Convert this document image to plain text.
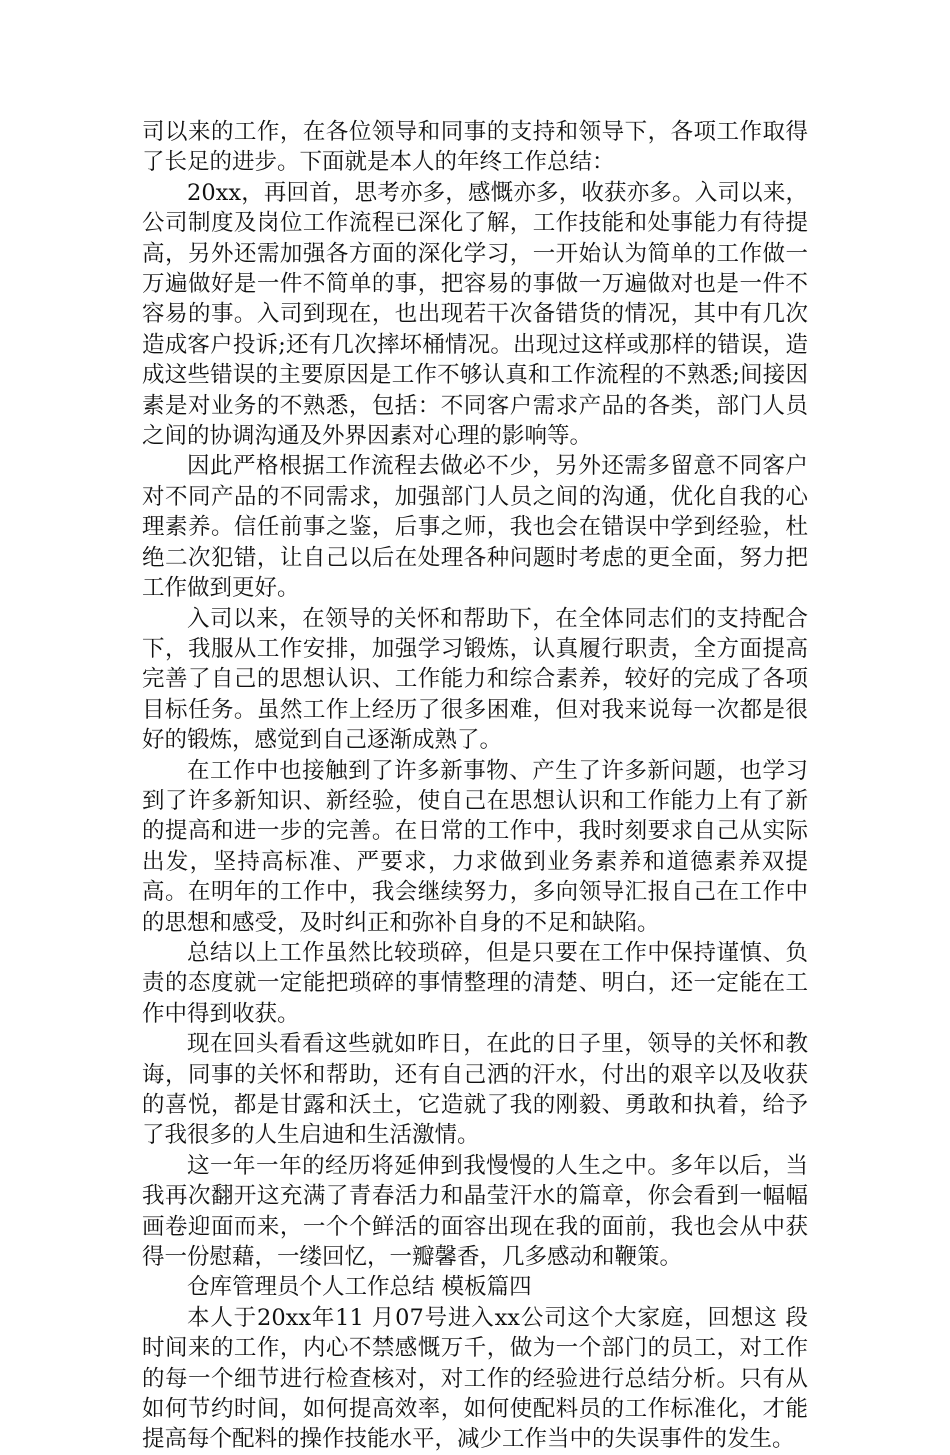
司以来的工作，在各位领导和同事的支持和领导下，各项工作取得了长足的进步。下面就是本人的年终工作总结：

20xx，再回首，思考亦多，感慨亦多，收获亦多。入司以来，公司制度及岗位工作流程已深化了解，工作技能和处事能力有待提高，另外还需加强各方面的深化学习，一开始认为简单的工作做一万遍做好是一件不简单的事，把容易的事做一万遍做对也是一件不容易的事。入司到现在，也出现若干次备错货的情况，其中有几次造成客户投诉;还有几次摔坏桶情况。出现过这样或那样的错误，造成这些错误的主要原因是工作不够认真和工作流程的不熟悉;间接因素是对业务的不熟悉，包括：不同客户需求产品的各类，部门人员之间的协调沟通及外界因素对心理的影响等。

因此严格根据工作流程去做必不少，另外还需多留意不同客户对不同产品的不同需求，加强部门人员之间的沟通，优化自我的心理素养。信任前事之鉴，后事之师，我也会在错误中学到经验，杜绝二次犯错，让自己以后在处理各种问题时考虑的更全面，努力把工作做到更好。

入司以来，在领导的关怀和帮助下，在全体同志们的支持配合下，我服从工作安排，加强学习锻炼，认真履行职责，全方面提高完善了自己的思想认识、工作能力和综合素养，较好的完成了各项目标任务。虽然工作上经历了很多困难，但对我来说每一次都是很好的锻炼，感觉到自己逐渐成熟了。

在工作中也接触到了许多新事物、产生了许多新问题，也学习到了许多新知识、新经验，使自己在思想认识和工作能力上有了新的提高和进一步的完善。在日常的工作中，我时刻要求自己从实际出发，坚持高标准、严要求，力求做到业务素养和道德素养双提高。在明年的工作中，我会继续努力，多向领导汇报自己在工作中的思想和感受，及时纠正和弥补自身的不足和缺陷。

总结以上工作虽然比较琐碎，但是只要在工作中保持谨慎、负责的态度就一定能把琐碎的事情整理的清楚、明白，还一定能在工作中得到收获。

现在回头看看这些就如昨日，在此的日子里，领导的关怀和教诲，同事的关怀和帮助，还有自己洒的汗水，付出的艰辛以及收获的喜悦，都是甘露和沃土，它造就了我的刚毅、勇敢和执着，给予了我很多的人生启迪和生活激情。

这一年一年的经历将延伸到我慢慢的人生之中。多年以后，当我再次翻开这充满了青春活力和晶莹汗水的篇章，你会看到一幅幅画卷迎面而来，一个个鲜活的面容出现在我的面前，我也会从中获得一份慰藉，一缕回忆，一瓣馨香，几多感动和鞭策。

仓库管理员个人工作总结 模板篇四

本人于20xx年11 月07号进入xx公司这个大家庭，回想这 段时间来的工作，内心不禁感慨万千，做为一个部门的员工，对工作的每一个细节进行检查核对，对工作的经验进行总结分析。只有从如何节约时间，如何提高效率，如何使配料员的工作标准化，才能提高每个配料的操作技能水平，减少工作当中的失误事件的发生。
